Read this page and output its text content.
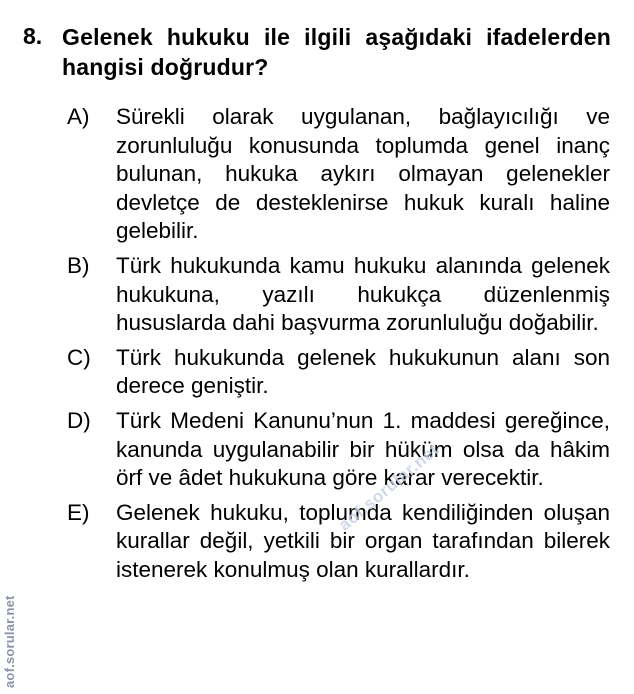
8. Gelenek hukuku ile ilgili aşağıdaki ifadelerden hangisi doğrudur?
A) Sürekli olarak uygulanan, bağlayıcılığı ve zorunluluğu konusunda toplumda genel inanç bulunan, hukuka aykırı olmayan gelenekler devletçe de desteklenirse hukuk kuralı haline gelebilir.
B) Türk hukukunda kamu hukuku alanında gelenek hukukuna, yazılı hukukça düzenlenmiş hususlarda dahi başvurma zorunluluğu doğabilir.
C) Türk hukukunda gelenek hukukunun alanı son derece geniştir.
D) Türk Medeni Kanunu’nun 1. maddesi gereğince, kanunda uygulanabilir bir hüküm olsa da hâkim örf ve âdet hukukuna göre karar verecektir.
E) Gelenek hukuku, toplumda kendiliğinden oluşan kurallar değil, yetkili bir organ tarafından bilerek istenerek konulmuş olan kurallardır.
aof.sorular.net
aof.sorular.net
